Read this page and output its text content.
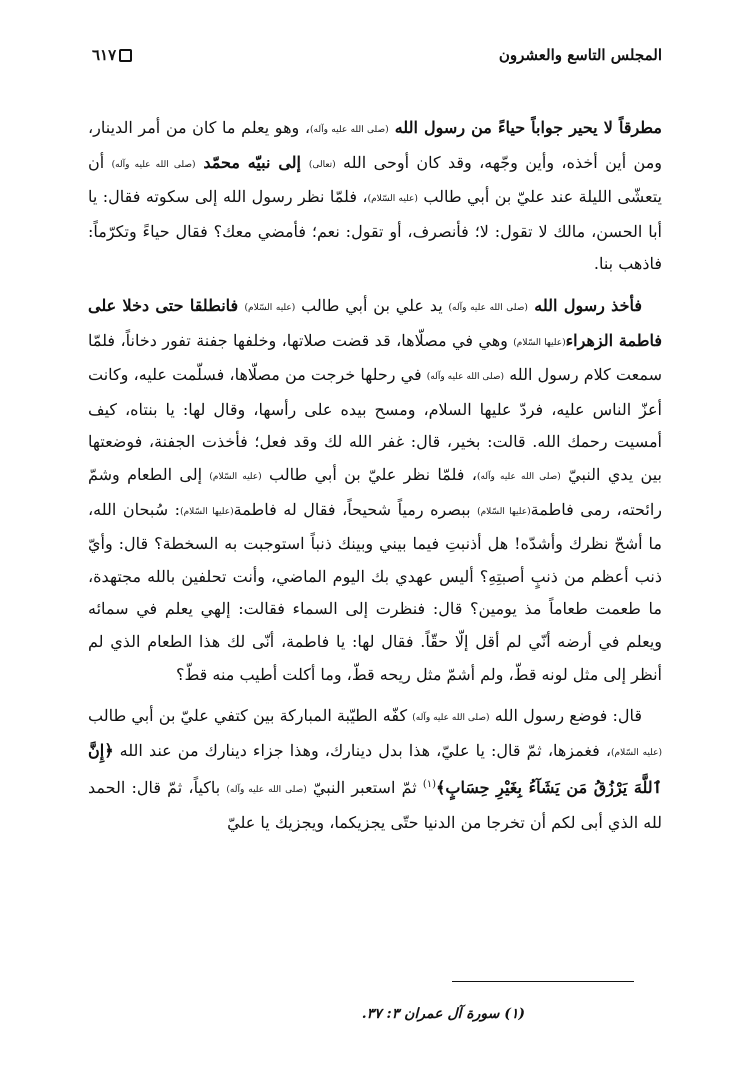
المجلس التاسع والعشرون
٦١٧

مطرقاً لا يحير جواباً حياءً من رسول الله (صلى الله عليه وآله)، وهو يعلم ما كان من أمر الدينار، ومن أين أخذه، وأين وجّهه، وقد كان أوحى الله (تعالى) إلى نبيّه محمّد (صلى الله عليه وآله) أن يتعشّى الليلة عند عليّ بن أبي طالب (عليه السّلام)، فلمّا نظر رسول الله إلى سكوته فقال: يا أبا الحسن، مالك لا تقول: لا؛ فأنصرف، أو تقول: نعم؛ فأمضي معك؟ فقال حياءً وتكرّماً: فاذهب بنا.

فأخذ رسول الله (صلى الله عليه وآله) يد علي بن أبي طالب (عليه السّلام) فانطلقا حتى دخلا على فاطمة الزهراء(عليها السّلام) وهي في مصلّاها، قد قضت صلاتها، وخلفها جفنة تفور دخاناً، فلمّا سمعت كلام رسول الله (صلى الله عليه وآله) في رحلها خرجت من مصلّاها، فسلّمت عليه، وكانت أعزّ الناس عليه، فردّ عليها السلام، ومسح بيده على رأسها، وقال لها: يا بنتاه، كيف أمسيت رحمك الله. قالت: بخير، قال: غفر الله لك وقد فعل؛ فأخذت الجفنة، فوضعتها بين يدي النبيّ (صلى الله عليه وآله)، فلمّا نظر عليّ بن أبي طالب (عليه السّلام) إلى الطعام وشمّ رائحته، رمى فاطمة(عليها السّلام) ببصره رمياً شحيحاً، فقال له فاطمة(عليها السّلام): سُبحان الله، ما أشحّ نظرك وأشدّه! هل أذنبتِ فيما بيني وبينك ذنباً استوجبت به السخطة؟ قال: وأيّ ذنب أعظم من ذنبٍ أصبتِهِ؟ أليس عهدي بك اليوم الماضي، وأنت تحلفين بالله مجتهدة، ما طعمت طعاماً مذ يومين؟ قال: فنظرت إلى السماء فقالت: إلهي يعلم في سمائه ويعلم في أرضه أنّي لم أقل إلّا حقّاً. فقال لها: يا فاطمة، أنّى لك هذا الطعام الذي لم أنظر إلى مثل لونه قطّ، ولم أشمّ مثل ريحه قطّ، وما أكلت أطيب منه قطّ؟

قال: فوضع رسول الله (صلى الله عليه وآله) كفّه الطيّبة المباركة بين كتفي عليّ بن أبي طالب (عليه السّلام)، فغمزها، ثمّ قال: يا عليّ، هذا بدل دينارك، وهذا جزاء دينارك من عند الله ﴿إِنَّ ٱللَّهَ يَرْزُقُ مَن يَشَآءُ بِغَيْرِ حِسَابٍ﴾$^{(١)}$ ثمّ استعبر النبيّ (صلى الله عليه وآله) باكياً، ثمّ قال: الحمد لله الذي أبى لكم أن تخرجا من الدنيا حتّى يجزيكما، ويجزيك يا عليّ

(١) سورة آل عمران ٣: ٣٧.
